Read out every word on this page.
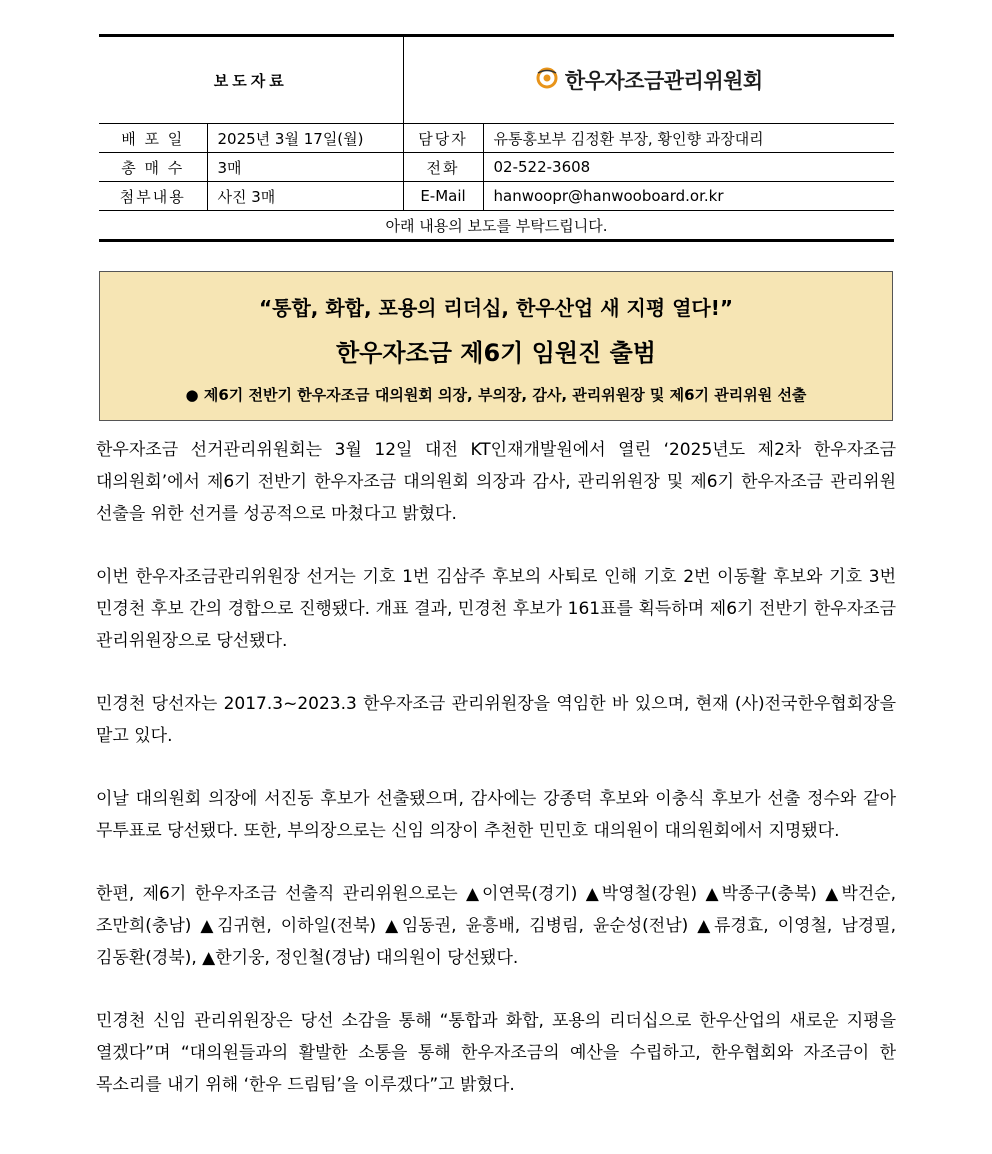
보도자료		한우자조금관리위원회	

배 포 일	2025년 3월 17일(월)	담당자	유통홍보부 김정환 부장, 황인향 과장대리
총 매 수	3매	전화	02-522-3608
첨부내용	사진 3매	E-Mail	hanwoopr@hanwooboard.or.kr
아래 내용의 보도를 부탁드립니다.			
“통합, 화합, 포용의 리더십, 한우산업 새 지평 열다!”
한우자조금 제6기 임원진 출범
● 제6기 전반기 한우자조금 대의원회 의장, 부의장, 감사, 관리위원장 및 제6기 관리위원 선출

한우자조금 선거관리위원회는 3월 12일 대전 KT인재개발원에서 열린 ‘2025년도 제2차 한우자조금 대의원회’에서 제6기 전반기 한우자조금 대의원회 의장과 감사, 관리위원장 및 제6기 한우자조금 관리위원 선출을 위한 선거를 성공적으로 마쳤다고 밝혔다.

이번 한우자조금관리위원장 선거는 기호 1번 김삼주 후보의 사퇴로 인해 기호 2번 이동활 후보와 기호 3번 민경천 후보 간의 경합으로 진행됐다. 개표 결과, 민경천 후보가 161표를 획득하며 제6기 전반기 한우자조금 관리위원장으로 당선됐다.

민경천 당선자는 2017.3~2023.3 한우자조금 관리위원장을 역임한 바 있으며, 현재 (사)전국한우협회장을 맡고 있다.

이날 대의원회 의장에 서진동 후보가 선출됐으며, 감사에는 강종덕 후보와 이충식 후보가 선출 정수와 같아 무투표로 당선됐다. 또한, 부의장으로는 신임 의장이 추천한 민민호 대의원이 대의원회에서 지명됐다.

한편, 제6기 한우자조금 선출직 관리위원으로는 ▲이연묵(경기) ▲박영철(강원) ▲박종구(충북) ▲박건순, 조만희(충남) ▲김귀현, 이하일(전북) ▲임동권, 윤흥배, 김병림, 윤순성(전남) ▲류경효, 이영철, 남경필, 김동환(경북), ▲한기웅, 정인철(경남) 대의원이 당선됐다.

민경천 신임 관리위원장은 당선 소감을 통해 “통합과 화합, 포용의 리더십으로 한우산업의 새로운 지평을 열겠다”며 “대의원들과의 활발한 소통을 통해 한우자조금의 예산을 수립하고, 한우협회와 자조금이 한 목소리를 내기 위해 ‘한우 드림팀’을 이루겠다”고 밝혔다.
